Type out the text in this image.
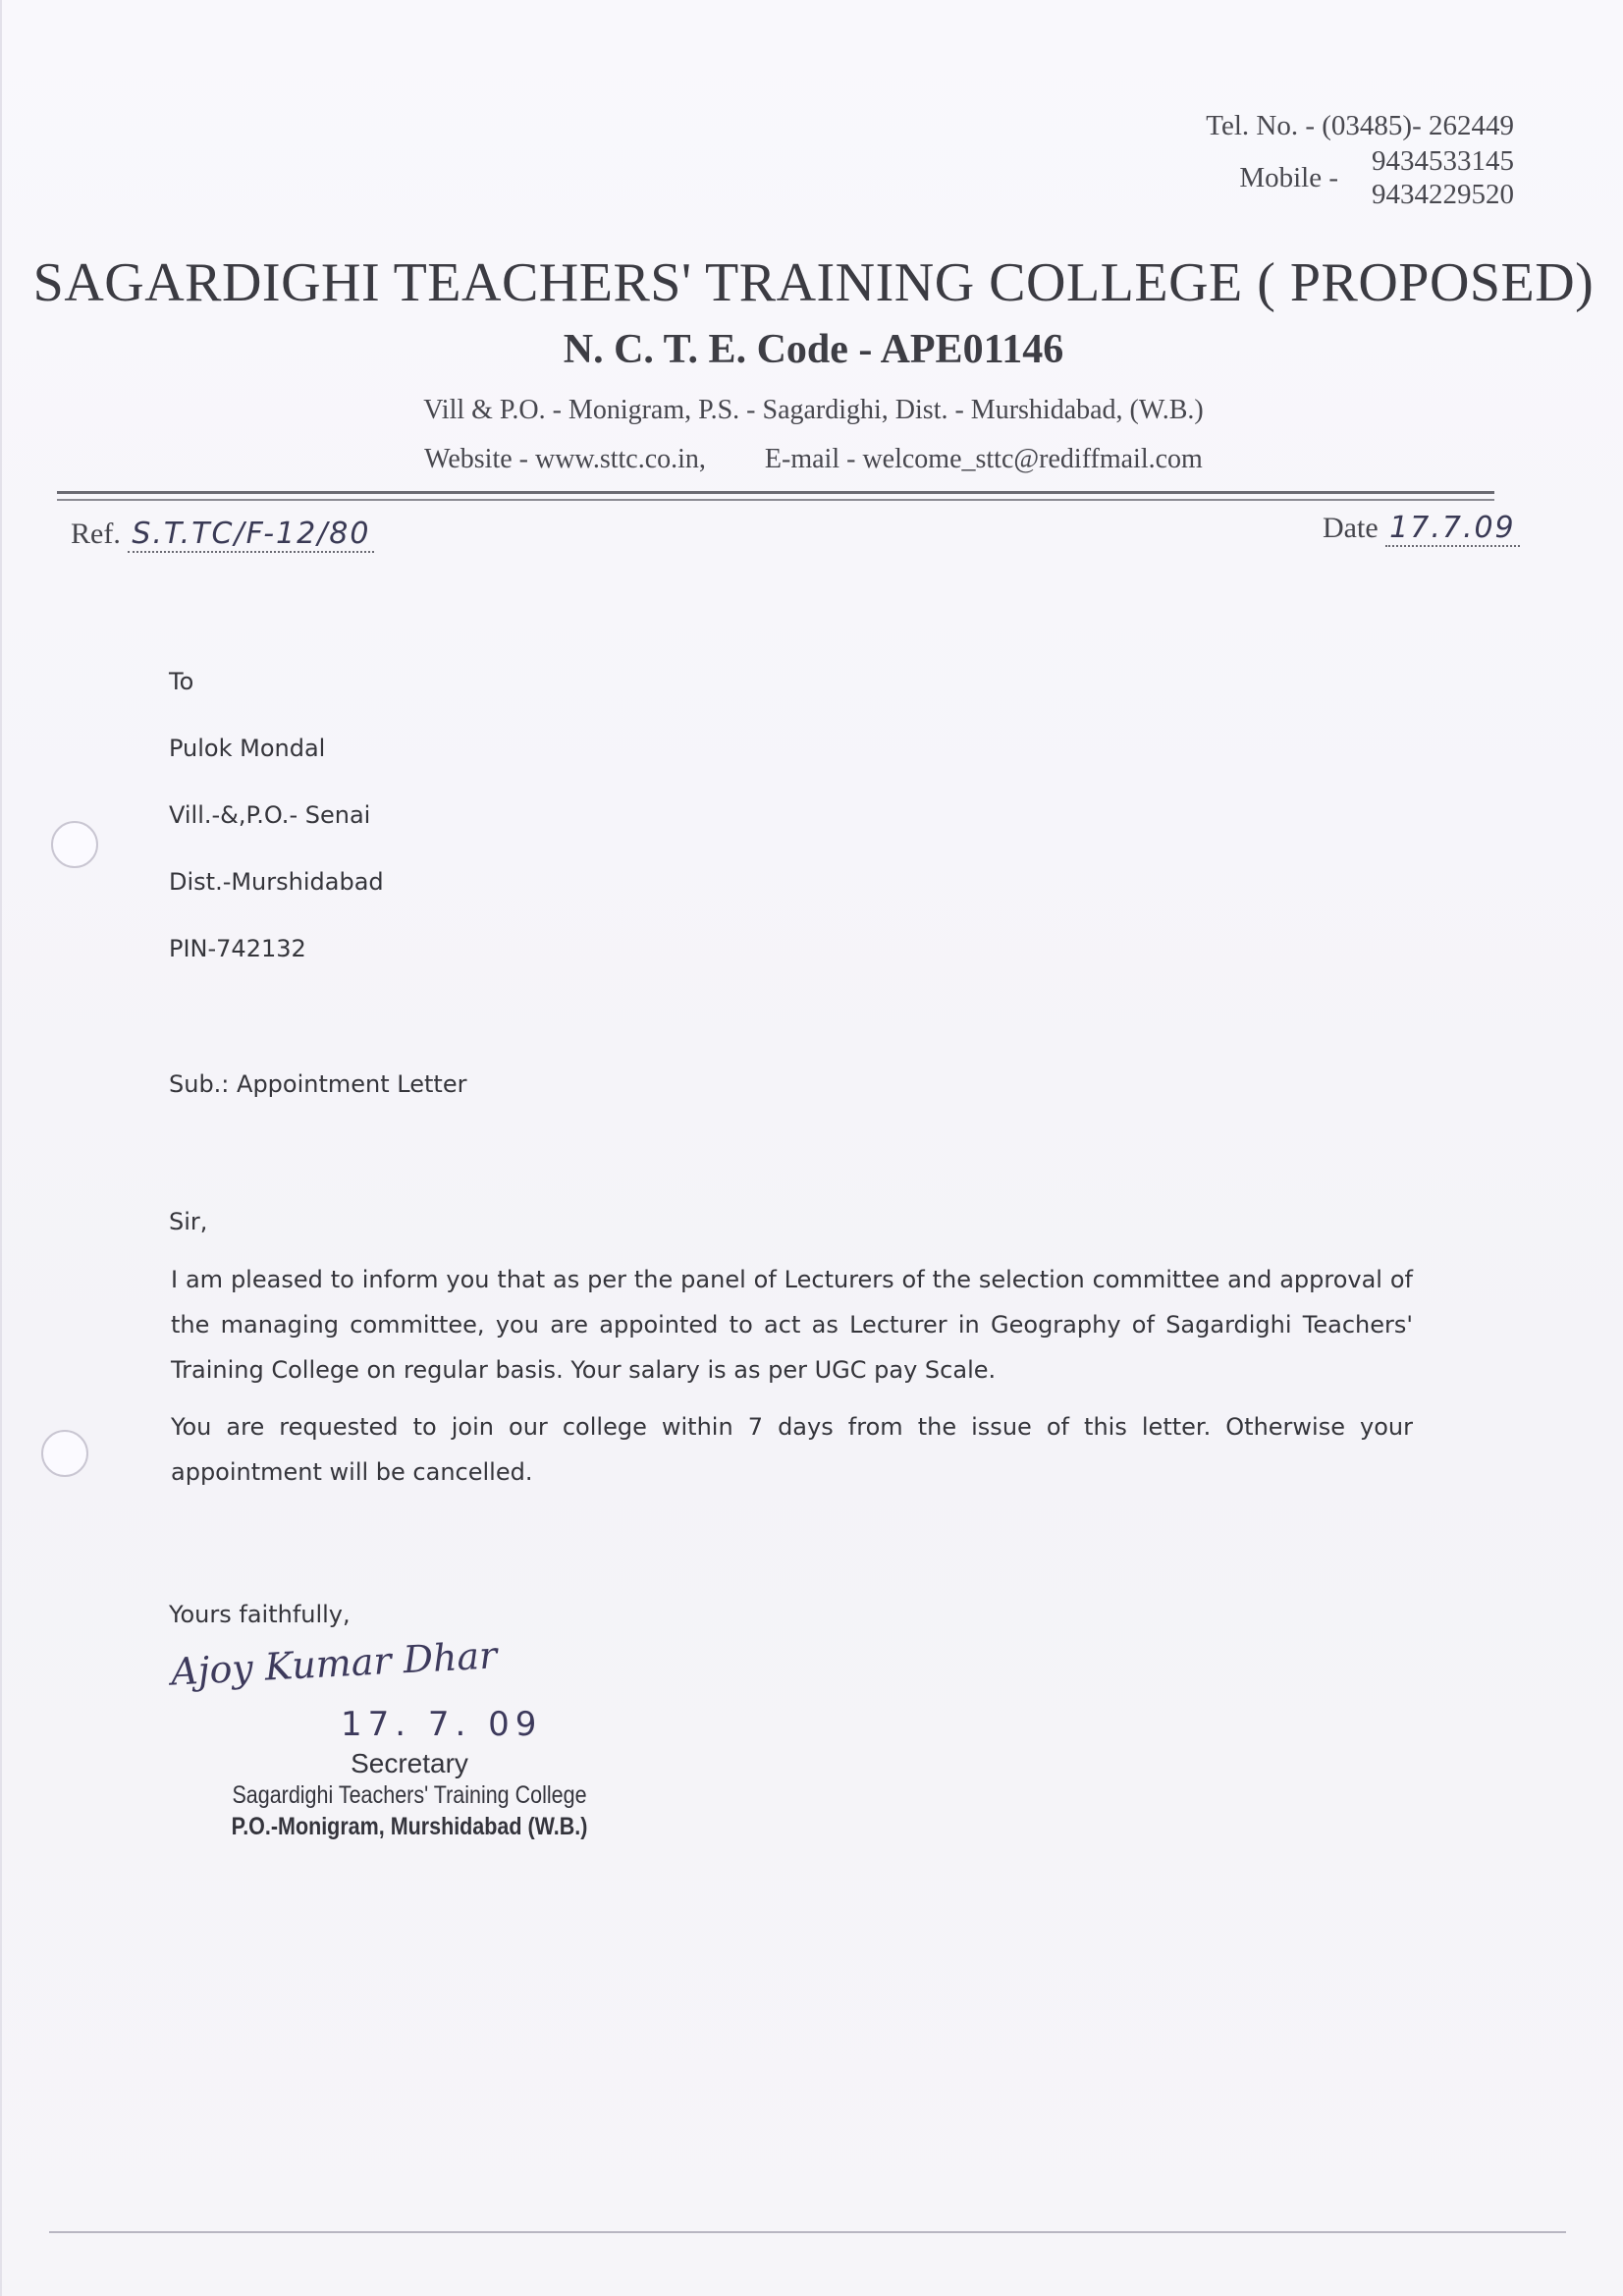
Tel. No. - (03485)- 262449
Mobile -
9434533145
9434229520
SAGARDIGHI TEACHERS' TRAINING COLLEGE ( PROPOSED)
N. C. T. E. Code - APE01146
Vill & P.O. - Monigram, P.S. - Sagardighi, Dist. - Murshidabad, (W.B.)
Website - www.sttc.co.in, E-mail - welcome_sttc@rediffmail.com
Ref. S.T.TC/F-12/80	Date 17.7.09
To
Pulok Mondal
Vill.-&,P.O.- Senai
Dist.-Murshidabad
PIN-742132
Sub.: Appointment Letter
Sir,
I am pleased to inform you that as per the panel of Lecturers of the selection committee and approval of the managing committee, you are appointed to act as Lecturer in Geography of Sagardighi Teachers' Training College on regular basis. Your salary is as per UGC pay Scale.
You are requested to join our college within 7 days from the issue of this letter. Otherwise your appointment will be cancelled.
Yours faithfully,
Ajoy Kumar Dhar
17. 7. 09
Secretary
Sagardighi Teachers' Training College
P.O.-Monigram, Murshidabad (W.B.)
